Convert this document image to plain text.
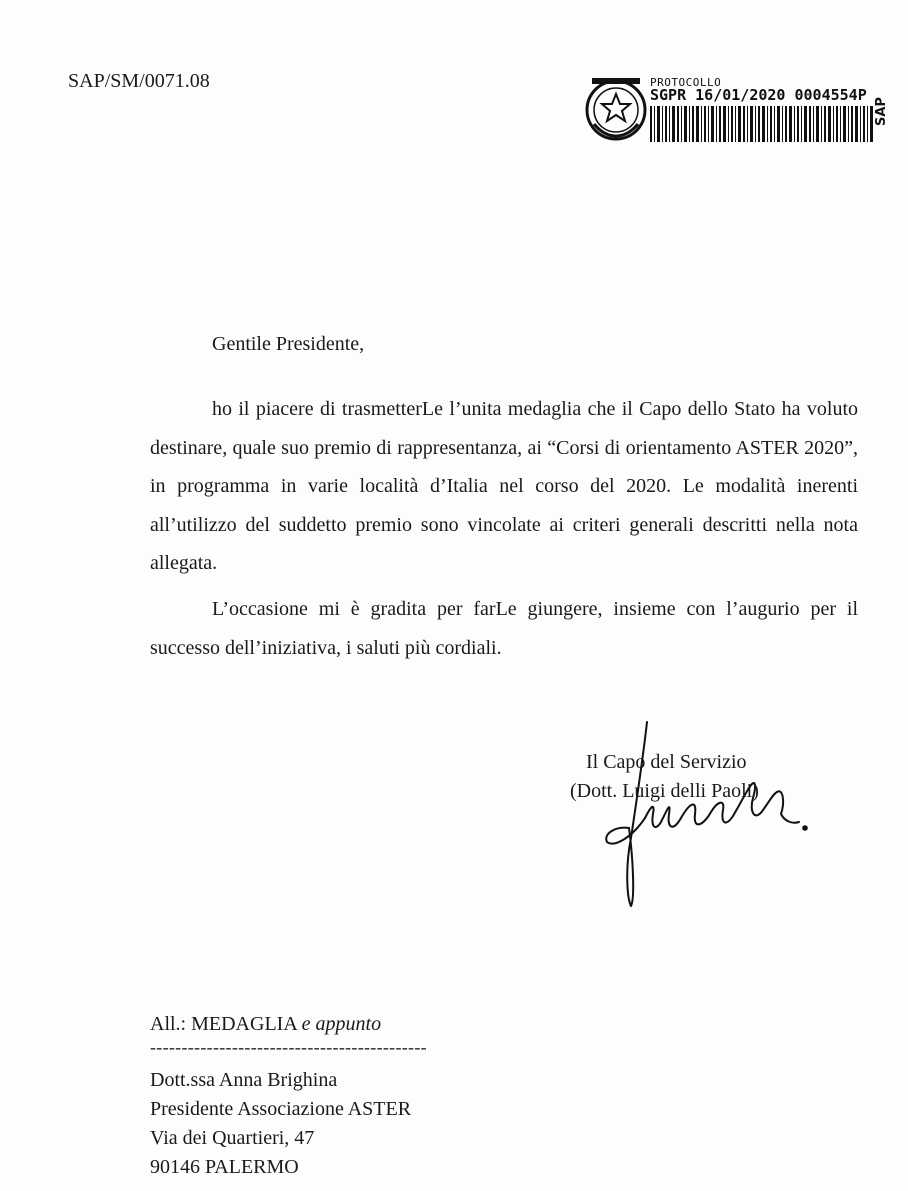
SAP/SM/0071.08	PROTOCOLLO
SGPR 16/01/2020 0004554P
SAP
Gentile Presidente,

ho il piacere di trasmetterLe l’unita medaglia che il Capo dello Stato ha voluto destinare, quale suo premio di rappresentanza, ai “Corsi di orientamento ASTER 2020”, in programma in varie località d’Italia nel corso del 2020. Le modalità inerenti all’utilizzo del suddetto premio sono vincolate ai criteri generali descritti nella nota allegata.

L’occasione mi è gradita per farLe giungere, insieme con l’augurio per il successo dell’iniziativa, i saluti più cordiali.

Il Capo del Servizio
(Dott. Luigi delli Paoli)
All.: MEDAGLIA e appunto
--------------------------------------------
Dott.ssa Anna Brighina
Presidente Associazione ASTER
Via dei Quartieri, 47
90146 PALERMO
